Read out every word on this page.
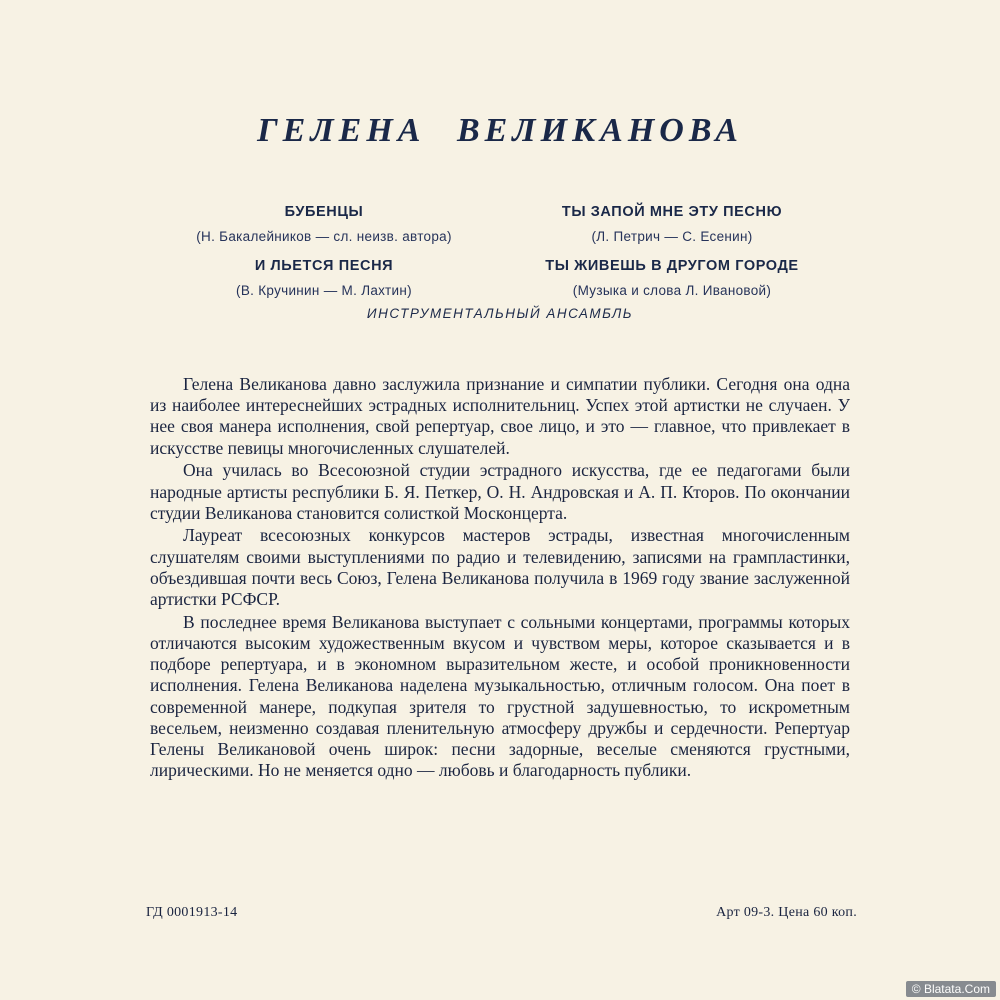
ГЕЛЕНА ВЕЛИКАНОВА
БУБЕНЦЫ
(Н. Бакалейников — сл. неизв. автора)
ТЫ ЗАПОЙ МНЕ ЭТУ ПЕСНЮ
(Л. Петрич — С. Есенин)
И ЛЬЕТСЯ ПЕСНЯ
(В. Кручинин — М. Лахтин)
ТЫ ЖИВЕШЬ В ДРУГОМ ГОРОДЕ
(Музыка и слова Л. Ивановой)
ИНСТРУМЕНТАЛЬНЫЙ АНСАМБЛЬ

Гелена Великанова давно заслужила признание и симпатии публики. Сегодня она одна из наиболее интереснейших эстрадных исполнительниц. Успех этой артистки не случаен. У нее своя манера исполнения, свой репертуар, свое лицо, и это — главное, что привлекает в искусстве певицы многочисленных слушателей.

Она училась во Всесоюзной студии эстрадного искусства, где ее педагогами были народные артисты республики Б. Я. Петкер, О. Н. Андровская и А. П. Кторов. По окончании студии Великанова становится солисткой Москонцерта.

Лауреат всесоюзных конкурсов мастеров эстрады, известная многочисленным слушателям своими выступлениями по радио и телевидению, записями на грампластинки, объездившая почти весь Союз, Гелена Великанова получила в 1969 году звание заслуженной артистки РСФСР.

В последнее время Великанова выступает с сольными концертами, программы которых отличаются высоким художественным вкусом и чувством меры, которое сказывается и в подборе репертуара, и в экономном выразительном жесте, и особой проникновенности исполнения. Гелена Великанова наделена музыкальностью, отличным голосом. Она поет в современной манере, подкупая зрителя то грустной задушевностью, то искрометным весельем, неизменно создавая пленительную атмосферу дружбы и сердечности. Репертуар Гелены Великановой очень широк: песни задорные, веселые сменяются грустными, лирическими. Но не меняется одно — любовь и благодарность публики.

ГД 0001913-14	Арт 09-3. Цена 60 коп.
© Blatata.Com
